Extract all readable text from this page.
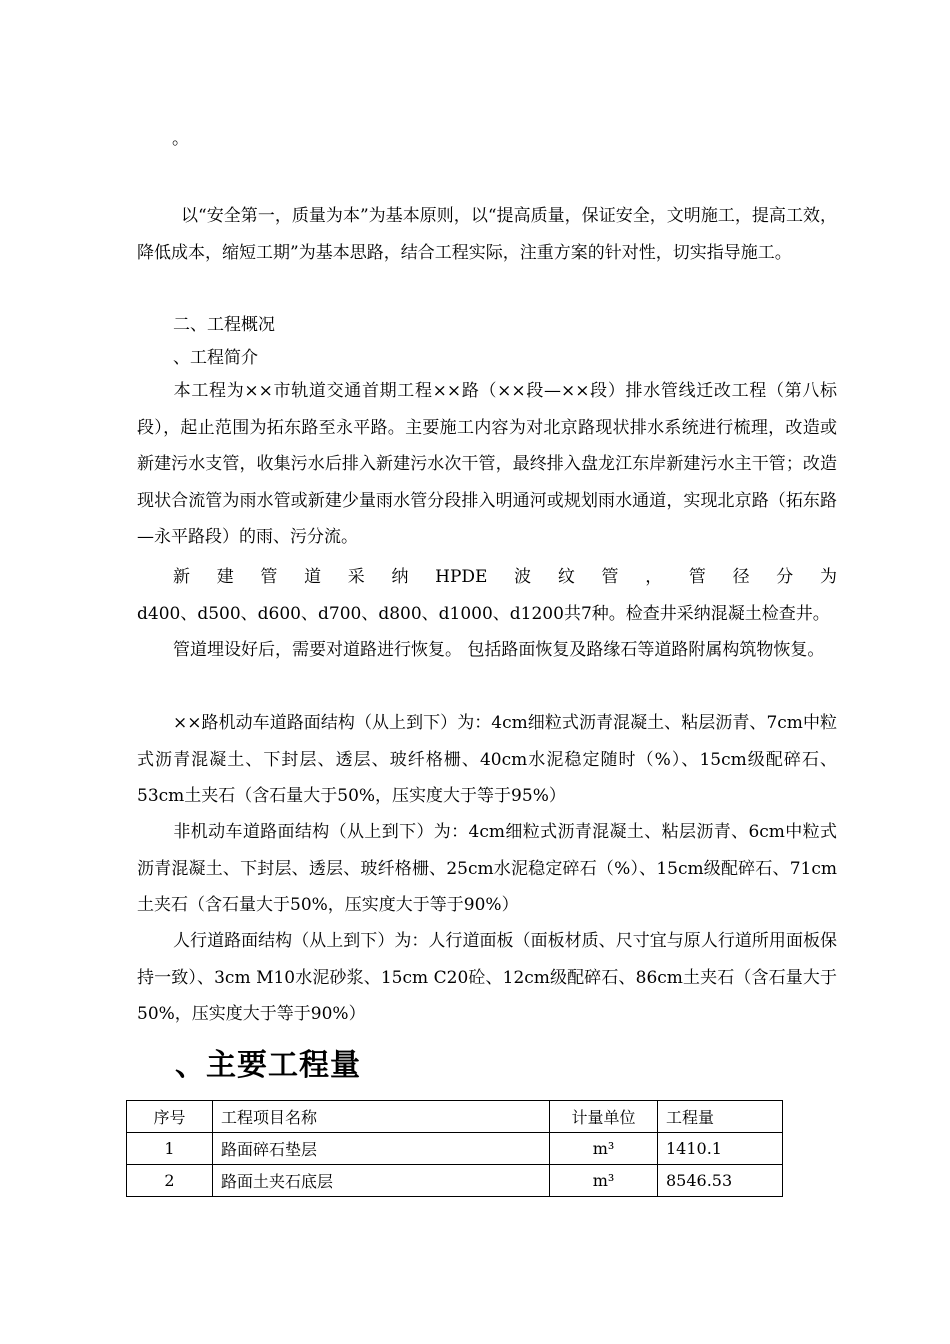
。
以“安全第一，质量为本”为基本原则，以“提高质量，保证安全，文明施工，提高工效，降低成本，缩短工期”为基本思路，结合工程实际，注重方案的针对性，切实指导施工。
二、工程概况
、工程简介
本工程为××市轨道交通首期工程××路（××段—××段）排水管线迁改工程（第八标段），起止范围为拓东路至永平路。主要施工内容为对北京路现状排水系统进行梳理，改造或新建污水支管，收集污水后排入新建污水次干管，最终排入盘龙江东岸新建污水主干管；改造现状合流管为雨水管或新建少量雨水管分段排入明通河或规划雨水通道，实现北京路（拓东路—永平路段）的雨、污分流。
新建管道采纳HPDE波纹管，管径分为
d400、d500、d600、d700、d800、d1000、d1200共7种。检查井采纳混凝土检查井。
管道埋设好后，需要对道路进行恢复。 包括路面恢复及路缘石等道路附属构筑物恢复。
××路机动车道路面结构（从上到下）为：4cm细粒式沥青混凝土、粘层沥青、7cm中粒式沥青混凝土、下封层、透层、玻纤格栅、40cm水泥稳定随时（%）、15cm级配碎石、53cm土夹石（含石量大于50%，压实度大于等于95%）
非机动车道路面结构（从上到下）为：4cm细粒式沥青混凝土、粘层沥青、6cm中粒式沥青混凝土、下封层、透层、玻纤格栅、25cm水泥稳定碎石（%）、15cm级配碎石、71cm土夹石（含石量大于50%，压实度大于等于90%）
人行道路面结构（从上到下）为：人行道面板（面板材质、尺寸宜与原人行道所用面板保持一致）、3cm M10水泥砂浆、15cm C20砼、12cm级配碎石、86cm土夹石（含石量大于50%，压实度大于等于90%）
、主要工程量
序号	工程项目名称	计量单位	工程量
1	路面碎石垫层	m³	1410.1
2	路面土夹石底层	m³	8546.53
